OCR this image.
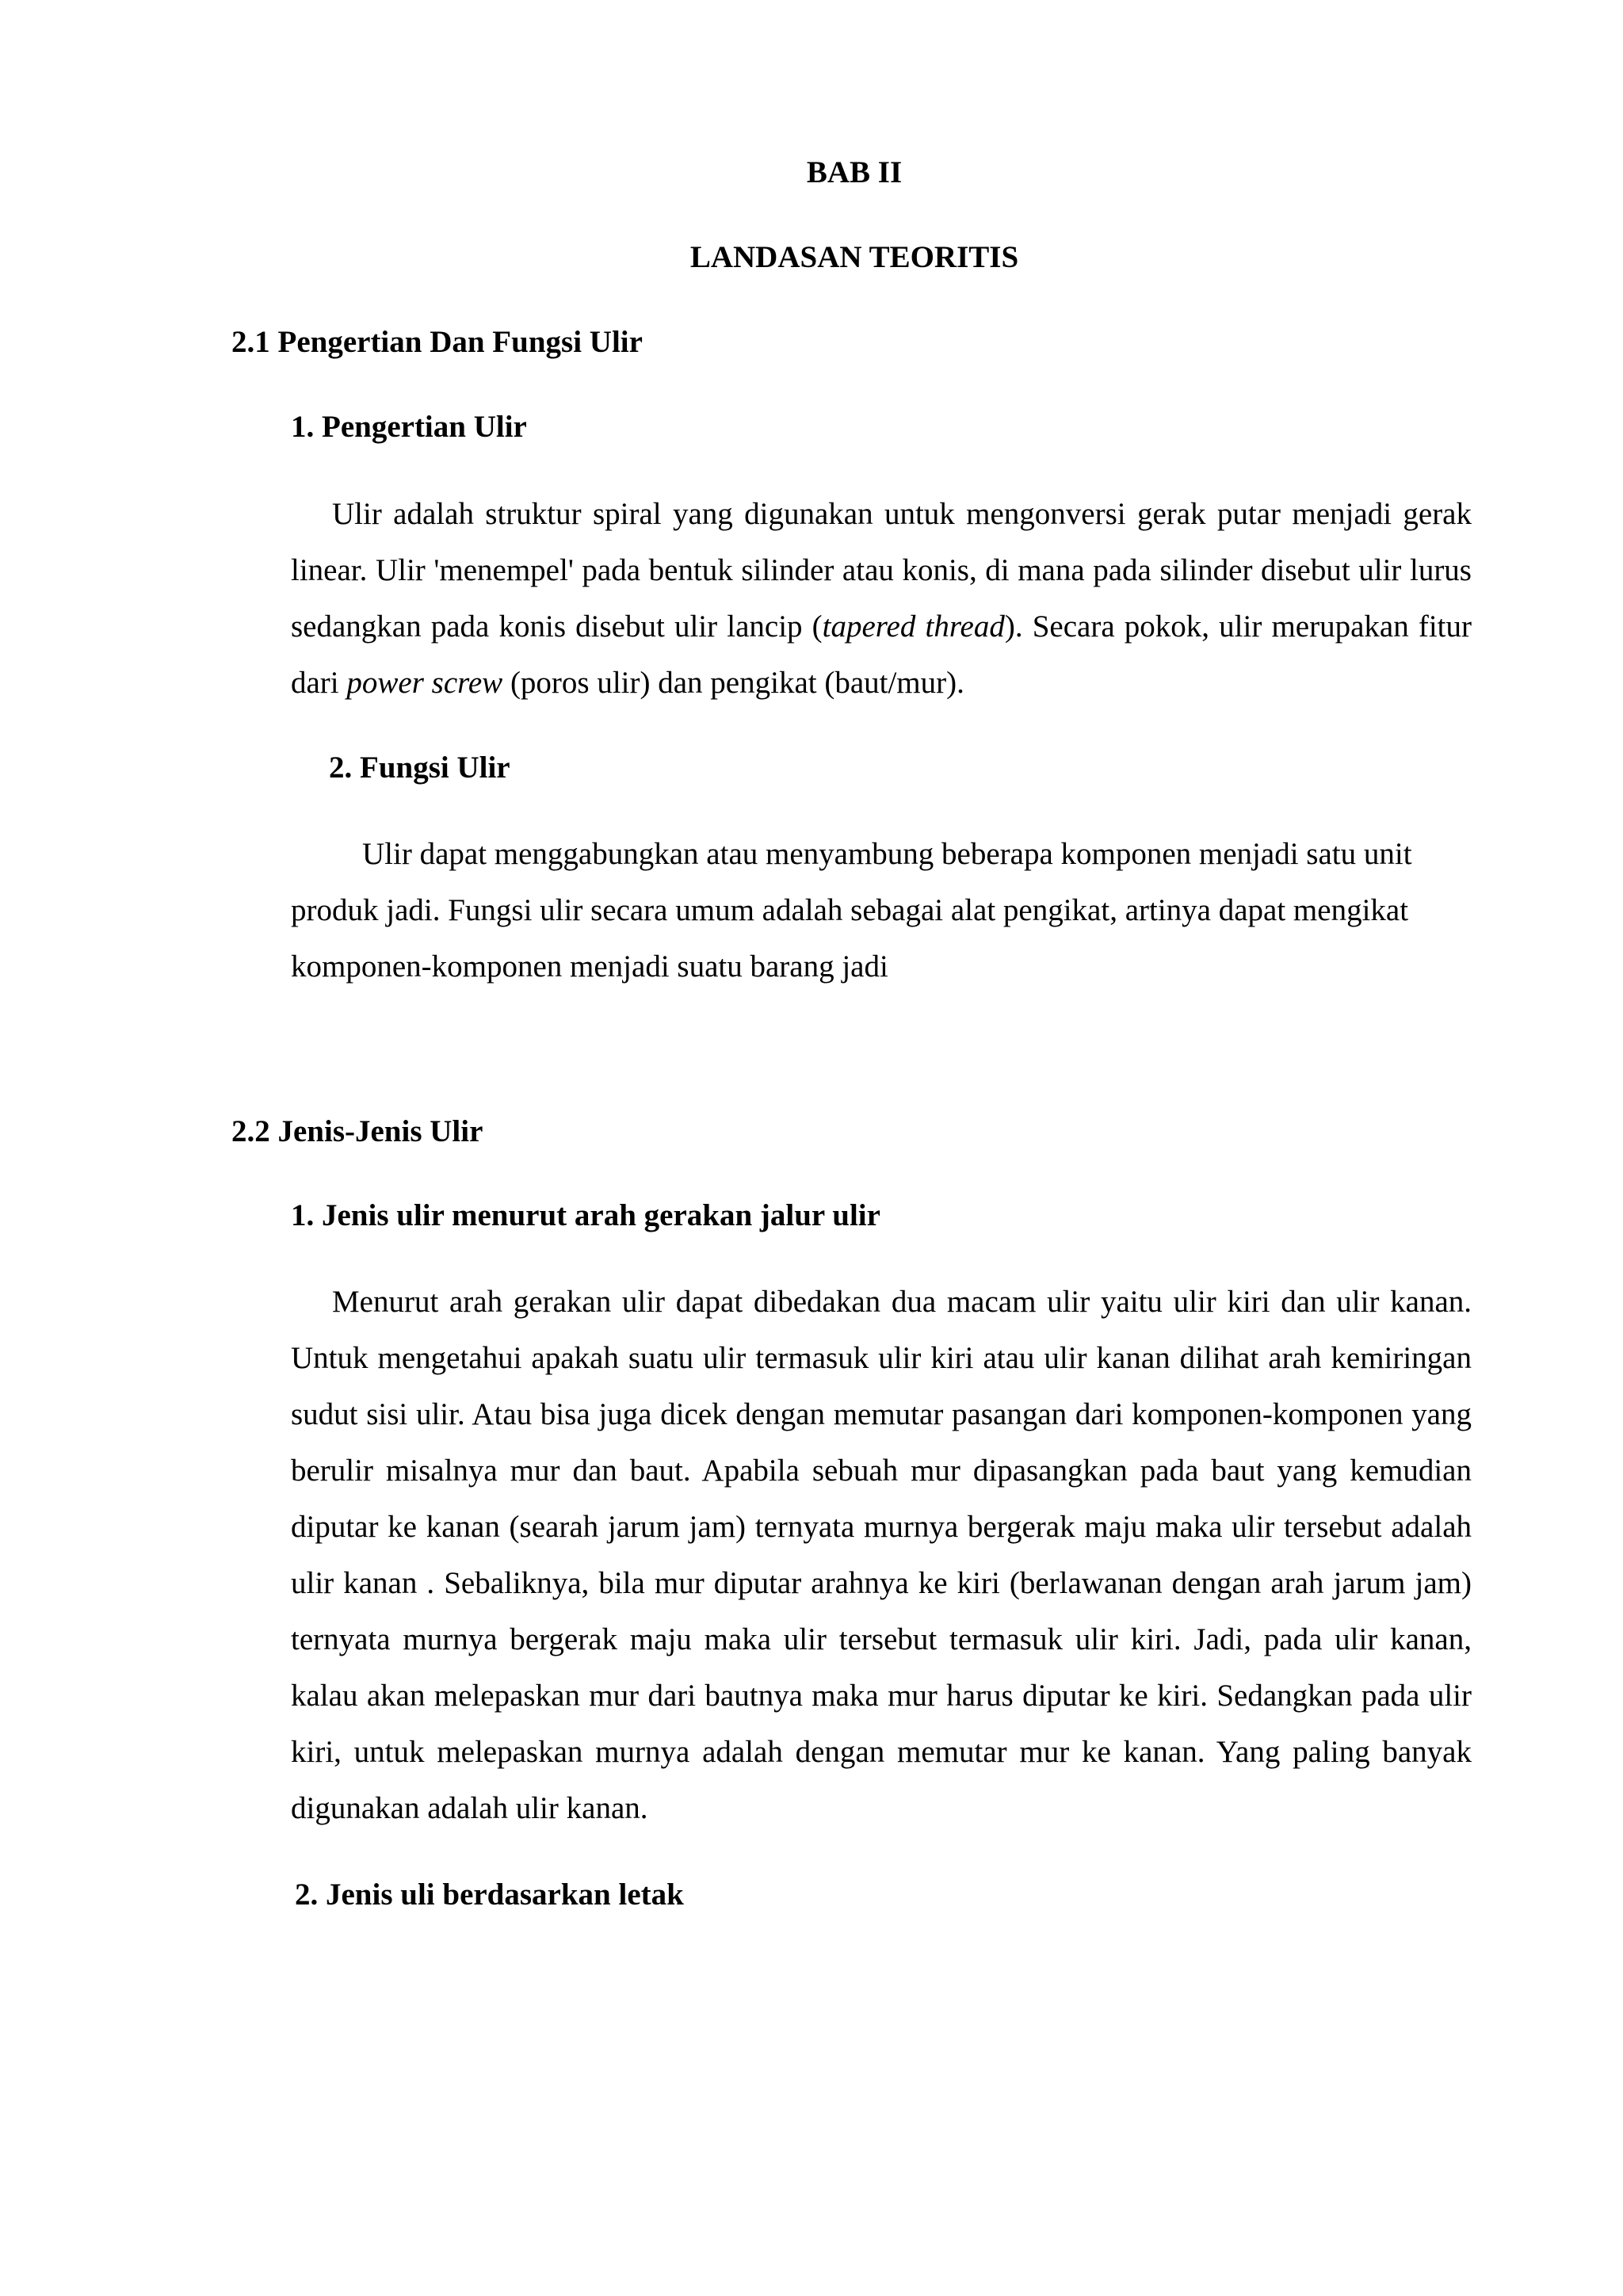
BAB II
LANDASAN TEORITIS
2.1 Pengertian Dan Fungsi Ulir
1. Pengertian Ulir

Ulir adalah struktur spiral yang digunakan untuk mengonversi gerak putar menjadi gerak linear. Ulir 'menempel' pada bentuk silinder atau konis, di mana pada silinder disebut ulir lurus sedangkan pada konis disebut ulir lancip (tapered thread). Secara pokok, ulir merupakan fitur dari power screw (poros ulir) dan pengikat (baut/mur).

2. Fungsi Ulir

Ulir dapat menggabungkan atau menyambung beberapa komponen menjadi satu unit produk jadi. Fungsi ulir secara umum adalah sebagai alat pengikat, artinya dapat mengikat komponen-komponen menjadi suatu barang jadi

2.2 Jenis-Jenis Ulir
1. Jenis ulir menurut arah gerakan jalur ulir

Menurut arah gerakan ulir dapat dibedakan dua macam ulir yaitu ulir kiri dan ulir kanan. Untuk mengetahui apakah suatu ulir termasuk ulir kiri atau ulir kanan dilihat arah kemiringan sudut sisi ulir. Atau bisa juga dicek dengan memutar pasangan dari komponen-komponen yang berulir misalnya mur dan baut. Apabila sebuah mur dipasangkan pada baut yang kemudian diputar ke kanan (searah jarum jam) ternyata murnya bergerak maju maka ulir tersebut adalah ulir kanan . Sebaliknya, bila mur diputar arahnya ke kiri (berlawanan dengan arah jarum jam) ternyata murnya bergerak maju maka ulir tersebut termasuk ulir kiri. Jadi, pada ulir kanan, kalau akan melepaskan mur dari bautnya maka mur harus diputar ke kiri. Sedangkan pada ulir kiri, untuk melepaskan murnya adalah dengan memutar mur ke kanan. Yang paling banyak digunakan adalah ulir kanan.

2. Jenis uli berdasarkan letak
